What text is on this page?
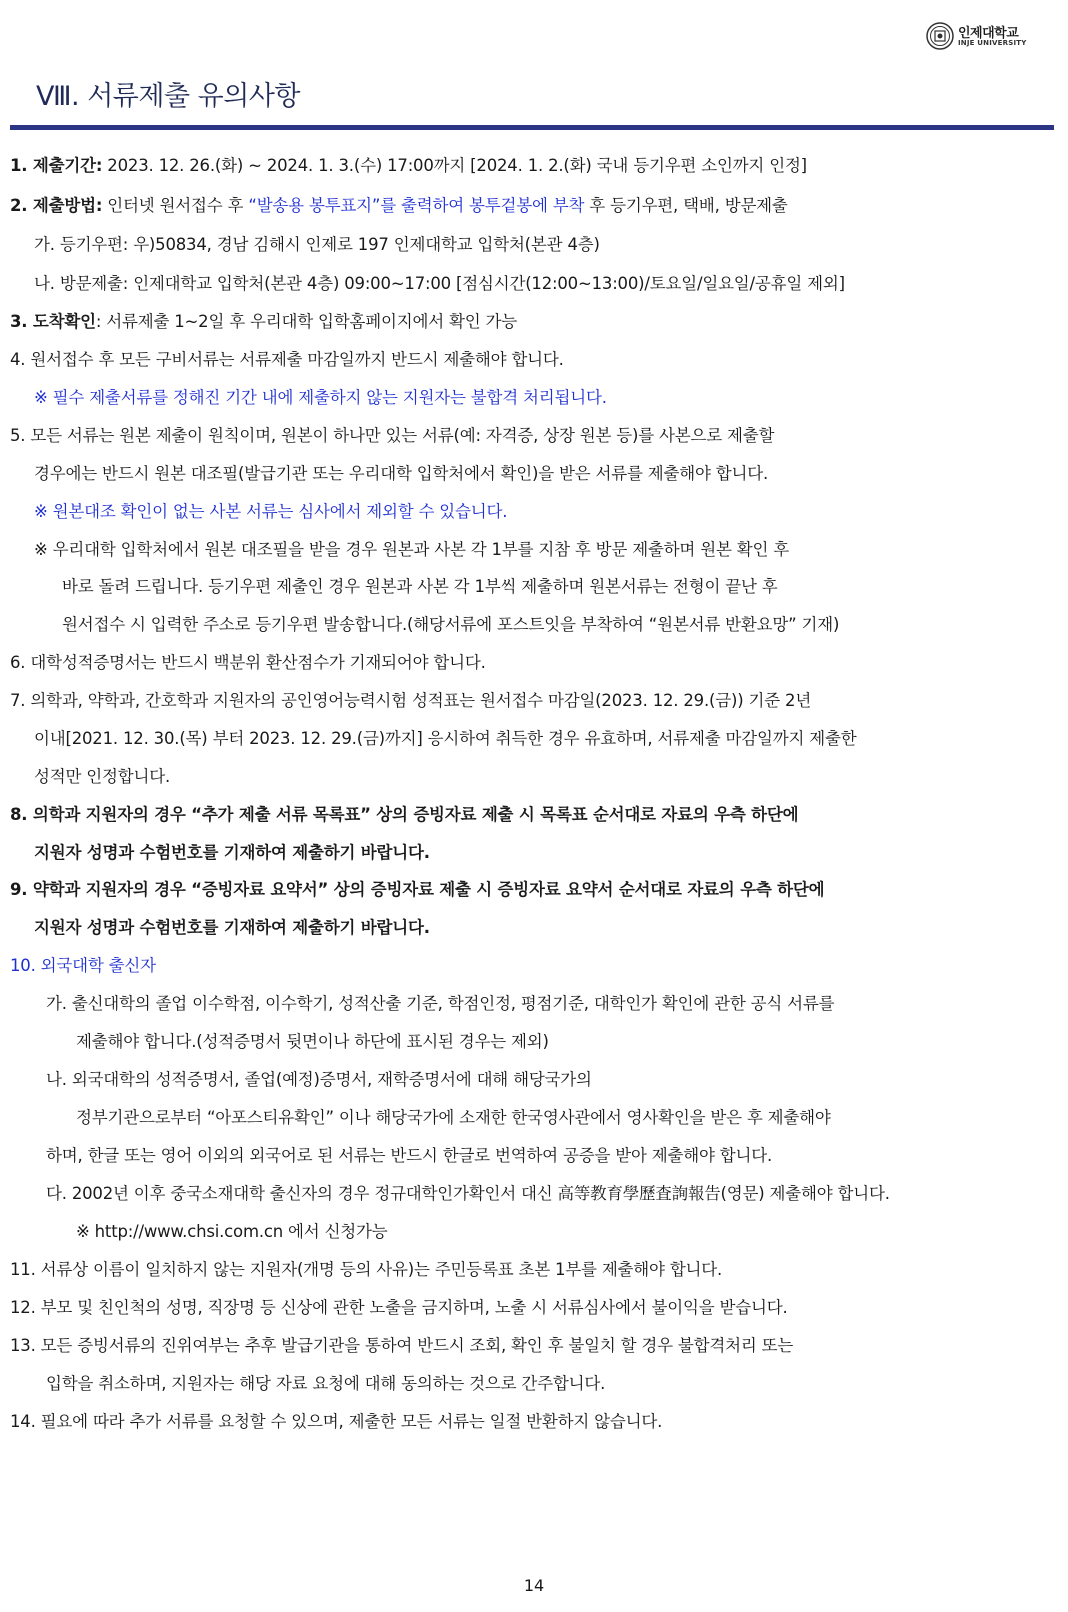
인제대학교
INJE UNIVERSITY
Ⅷ. 서류제출 유의사항
1. 제출기간: 2023. 12. 26.(화) ~ 2024. 1. 3.(수) 17:00까지 [2024. 1. 2.(화) 국내 등기우편 소인까지 인정]
2. 제출방법: 인터넷 원서접수 후 “발송용 봉투표지”를 출력하여 봉투겉봉에 부착 후 등기우편, 택배, 방문제출
가. 등기우편: 우)50834, 경남 김해시 인제로 197 인제대학교 입학처(본관 4층)
나. 방문제출: 인제대학교 입학처(본관 4층) 09:00~17:00 [점심시간(12:00~13:00)/토요일/일요일/공휴일 제외]
3. 도착확인: 서류제출 1~2일 후 우리대학 입학홈페이지에서 확인 가능
4. 원서접수 후 모든 구비서류는 서류제출 마감일까지 반드시 제출해야 합니다.
※ 필수 제출서류를 정해진 기간 내에 제출하지 않는 지원자는 불합격 처리됩니다.
5. 모든 서류는 원본 제출이 원칙이며, 원본이 하나만 있는 서류(예: 자격증, 상장 원본 등)를 사본으로 제출할
경우에는 반드시 원본 대조필(발급기관 또는 우리대학 입학처에서 확인)을 받은 서류를 제출해야 합니다.
※ 원본대조 확인이 없는 사본 서류는 심사에서 제외할 수 있습니다.
※ 우리대학 입학처에서 원본 대조필을 받을 경우 원본과 사본 각 1부를 지참 후 방문 제출하며 원본 확인 후
바로 돌려 드립니다. 등기우편 제출인 경우 원본과 사본 각 1부씩 제출하며 원본서류는 전형이 끝난 후
원서접수 시 입력한 주소로 등기우편 발송합니다.(해당서류에 포스트잇을 부착하여 “원본서류 반환요망” 기재)
6. 대학성적증명서는 반드시 백분위 환산점수가 기재되어야 합니다.
7. 의학과, 약학과, 간호학과 지원자의 공인영어능력시험 성적표는 원서접수 마감일(2023. 12. 29.(금)) 기준 2년
이내[2021. 12. 30.(목) 부터 2023. 12. 29.(금)까지] 응시하여 취득한 경우 유효하며, 서류제출 마감일까지 제출한
성적만 인정합니다.
8. 의학과 지원자의 경우 “추가 제출 서류 목록표” 상의 증빙자료 제출 시 목록표 순서대로 자료의 우측 하단에
지원자 성명과 수험번호를 기재하여 제출하기 바랍니다.
9. 약학과 지원자의 경우 “증빙자료 요약서” 상의 증빙자료 제출 시 증빙자료 요약서 순서대로 자료의 우측 하단에
지원자 성명과 수험번호를 기재하여 제출하기 바랍니다.
10. 외국대학 출신자
가. 출신대학의 졸업 이수학점, 이수학기, 성적산출 기준, 학점인정, 평점기준, 대학인가 확인에 관한 공식 서류를
제출해야 합니다.(성적증명서 뒷면이나 하단에 표시된 경우는 제외)
나. 외국대학의 성적증명서, 졸업(예정)증명서, 재학증명서에 대해 해당국가의
정부기관으로부터 “아포스티유확인” 이나 해당국가에 소재한 한국영사관에서 영사확인을 받은 후 제출해야
하며, 한글 또는 영어 이외의 외국어로 된 서류는 반드시 한글로 번역하여 공증을 받아 제출해야 합니다.
다. 2002년 이후 중국소재대학 출신자의 경우 정규대학인가확인서 대신 高等教育學歷査詢報告(영문) 제출해야 합니다.
※ http://www.chsi.com.cn 에서 신청가능
11. 서류상 이름이 일치하지 않는 지원자(개명 등의 사유)는 주민등록표 초본 1부를 제출해야 합니다.
12. 부모 및 친인척의 성명, 직장명 등 신상에 관한 노출을 금지하며, 노출 시 서류심사에서 불이익을 받습니다.
13. 모든 증빙서류의 진위여부는 추후 발급기관을 통하여 반드시 조회, 확인 후 불일치 할 경우 불합격처리 또는
입학을 취소하며, 지원자는 해당 자료 요청에 대해 동의하는 것으로 간주합니다.
14. 필요에 따라 추가 서류를 요청할 수 있으며, 제출한 모든 서류는 일절 반환하지 않습니다.
14
